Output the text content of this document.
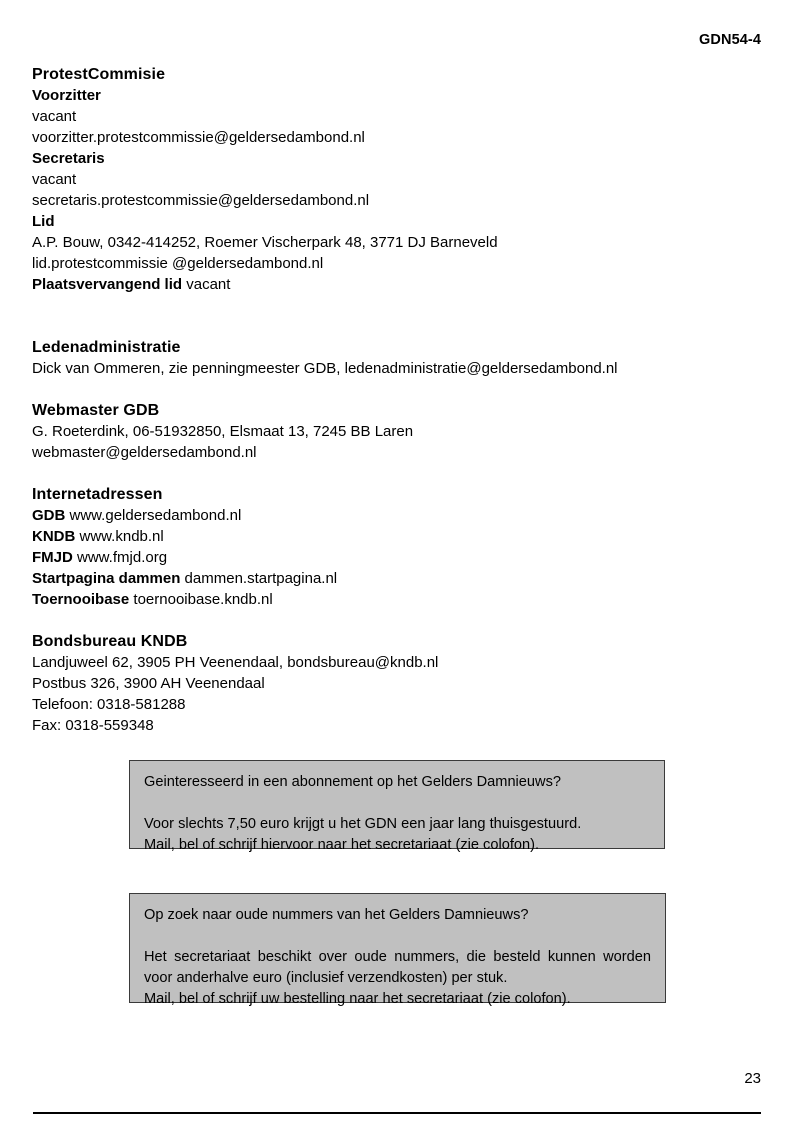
GDN54-4
ProtestCommisie
Voorzitter
vacant
voorzitter.protestcommissie@geldersedambond.nl
Secretaris
vacant
secretaris.protestcommissie@geldersedambond.nl
Lid
A.P. Bouw, 0342-414252, Roemer Vischerpark 48, 3771 DJ Barneveld
lid.protestcommissie @geldersedambond.nl
Plaatsvervangend lid vacant
Ledenadministratie
Dick van Ommeren, zie penningmeester GDB, ledenadministratie@geldersedambond.nl
Webmaster GDB
G. Roeterdink, 06-51932850, Elsmaat 13, 7245 BB Laren
webmaster@geldersedambond.nl
Internetadressen
GDB www.geldersedambond.nl
KNDB www.kndb.nl
FMJD www.fmjd.org
Startpagina dammen dammen.startpagina.nl
Toernooibase toernooibase.kndb.nl
Bondsbureau KNDB
Landjuweel 62, 3905 PH Veenendaal, bondsbureau@kndb.nl
Postbus 326, 3900 AH Veenendaal
Telefoon: 0318-581288
Fax: 0318-559348

Geinteresseerd in een abonnement op het Gelders Damnieuws?

Voor slechts 7,50 euro krijgt u het GDN een jaar lang thuisgestuurd.

Mail, bel of schrijf hiervoor naar het secretariaat (zie colofon).

Op zoek naar oude nummers van het Gelders Damnieuws?

Het secretariaat beschikt over oude nummers, die besteld kunnen worden voor anderhalve euro (inclusief verzendkosten) per stuk.

Mail, bel of schrijf uw bestelling naar het secretariaat (zie colofon).

23
